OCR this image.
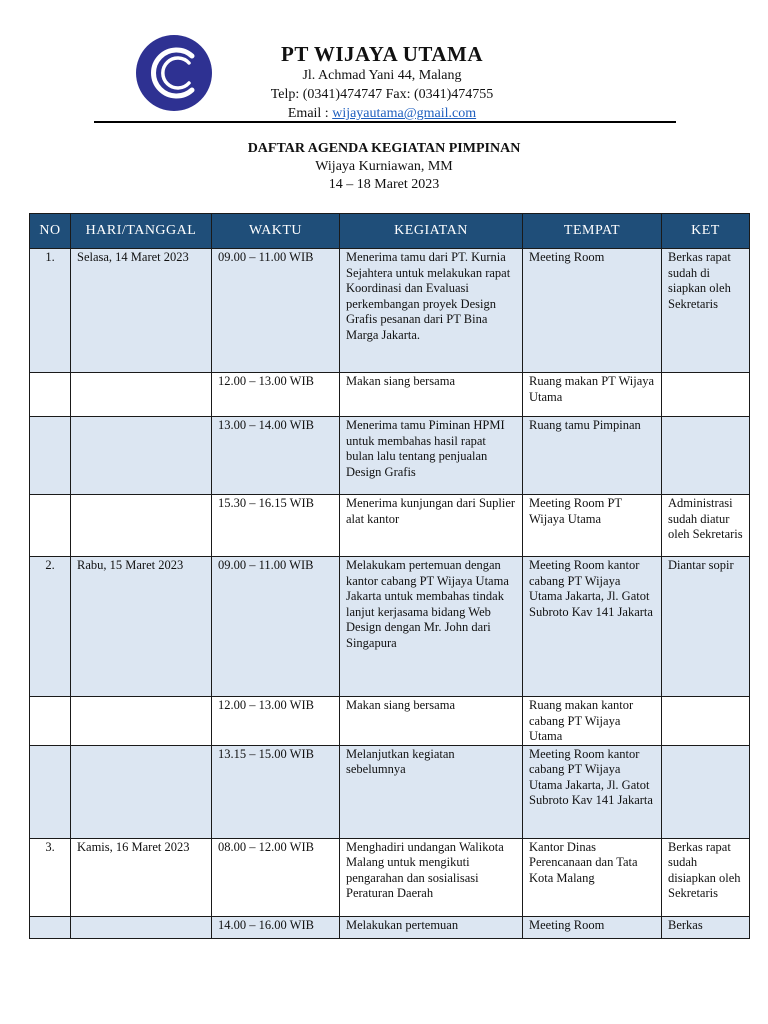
PT WIJAYA UTAMA
Jl. Achmad Yani 44, Malang
Telp: (0341)474747 Fax: (0341)474755
Email : wijayautama@gmail.com
DAFTAR AGENDA KEGIATAN PIMPINAN
Wijaya Kurniawan, MM
14 – 18 Maret 2023
NO	HARI/TANGGAL	WAKTU	KEGIATAN	TEMPAT	KET
1.	Selasa, 14 Maret 2023	09.00 – 11.00 WIB	Menerima tamu dari PT. Kurnia Sejahtera untuk melakukan rapat Koordinasi dan Evaluasi perkembangan proyek Design Grafis pesanan dari PT Bina Marga Jakarta.	Meeting Room	Berkas rapat sudah di siapkan oleh Sekretaris
		12.00 – 13.00 WIB	Makan siang bersama	Ruang makan PT Wijaya Utama	
		13.00 – 14.00 WIB	Menerima tamu Piminan HPMI untuk membahas hasil rapat bulan lalu tentang penjualan Design Grafis	Ruang tamu Pimpinan	
		15.30 – 16.15 WIB	Menerima kunjungan dari Suplier alat kantor	Meeting Room PT Wijaya Utama	Administrasi sudah diatur oleh Sekretaris
2.	Rabu, 15 Maret 2023	09.00 – 11.00 WIB	Melakukam pertemuan dengan kantor cabang PT Wijaya Utama Jakarta untuk membahas tindak lanjut kerjasama bidang Web Design dengan Mr. John dari Singapura	Meeting Room kantor cabang PT Wijaya Utama Jakarta, Jl. Gatot Subroto Kav 141 Jakarta	Diantar sopir
		12.00 – 13.00 WIB	Makan siang bersama	Ruang makan kantor cabang PT Wijaya Utama	
		13.15 – 15.00 WIB	Melanjutkan kegiatan sebelumnya	Meeting Room kantor cabang PT Wijaya Utama Jakarta, Jl. Gatot Subroto Kav 141 Jakarta	
3.	Kamis, 16 Maret 2023	08.00 – 12.00 WIB	Menghadiri undangan Walikota Malang untuk mengikuti pengarahan dan sosialisasi Peraturan Daerah	Kantor Dinas Perencanaan dan Tata Kota Malang	Berkas rapat sudah disiapkan oleh Sekretaris
		14.00 – 16.00 WIB	Melakukan pertemuan	Meeting Room	Berkas
